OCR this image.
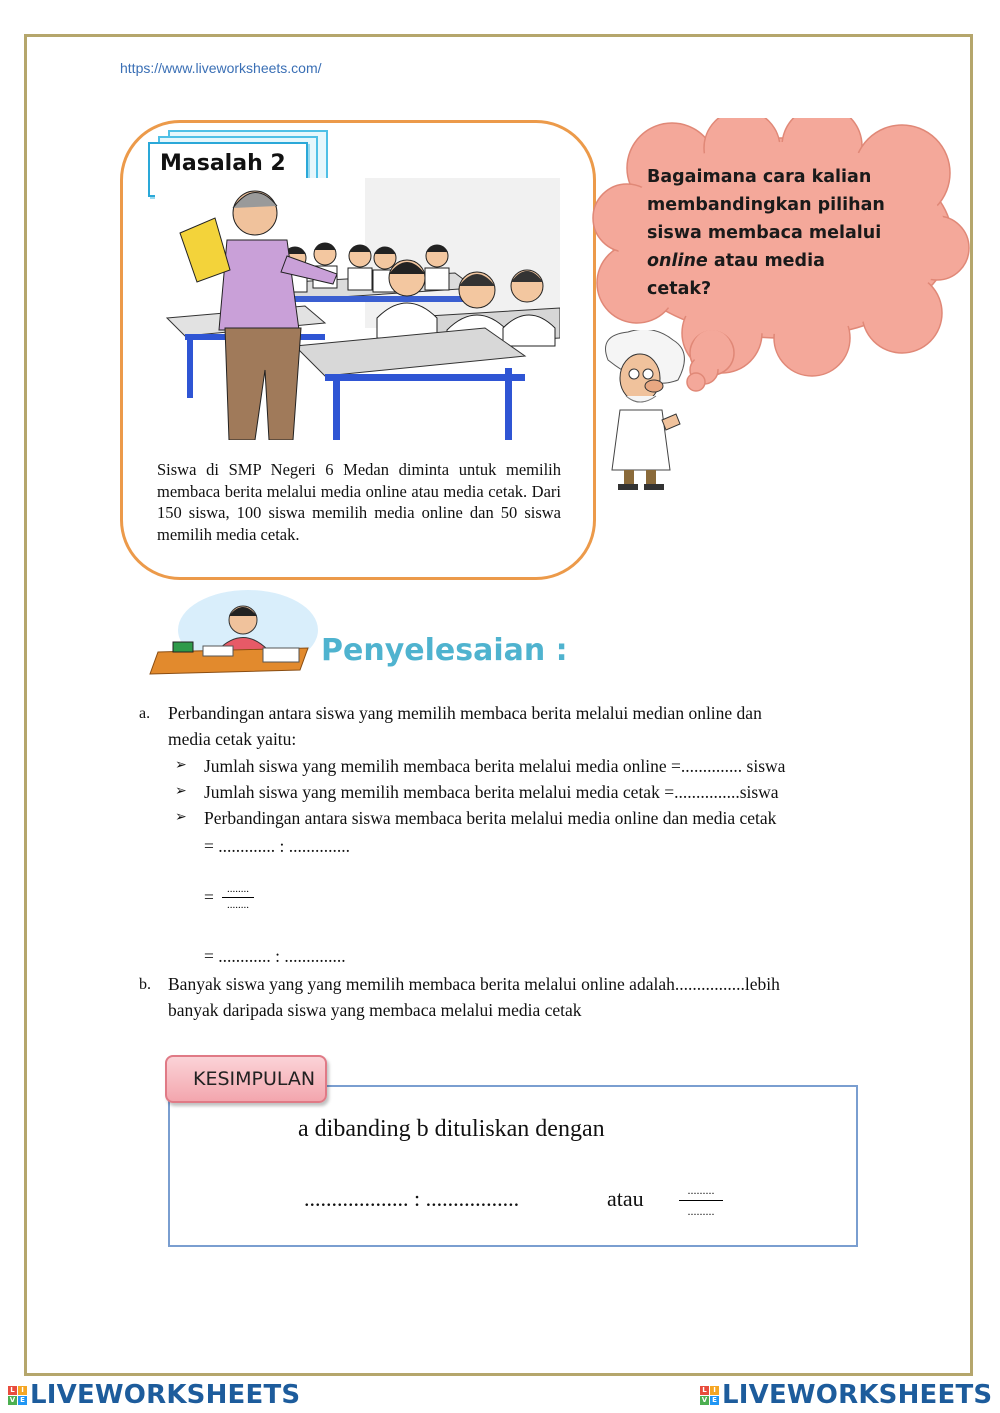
https://www.liveworksheets.com/
Masalah 2
Siswa di SMP Negeri 6 Medan diminta untuk memilih membaca berita melalui media online atau media cetak. Dari 150 siswa, 100 siswa memilih media online dan 50 siswa memilih media cetak.
Bagaimana cara kalian
membandingkan pilihan
siswa membaca melalui
online atau media
cetak?
Penyelesaian :
a. Perbandingan antara siswa yang memilih membaca berita melalui median online dan
media cetak yaitu:
➢ Jumlah siswa yang memilih membaca berita melalui media online =.............. siswa
➢ Jumlah siswa yang memilih membaca berita melalui media cetak =...............siswa
➢ Perbandingan antara siswa membaca berita melalui media online dan media cetak
= ............. : ..............
=	........
........
= ............ : ..............
b. Banyak siswa yang yang memilih membaca berita melalui online adalah................lebih
banyak daripada siswa yang membaca melalui media cetak
KESIMPULAN
a dibanding b dituliskan dengan
................... : .................	atau	.........
.........
L I
V E LIVEWORKSHEETS	L I
V E LIVEWORKSHEETS
